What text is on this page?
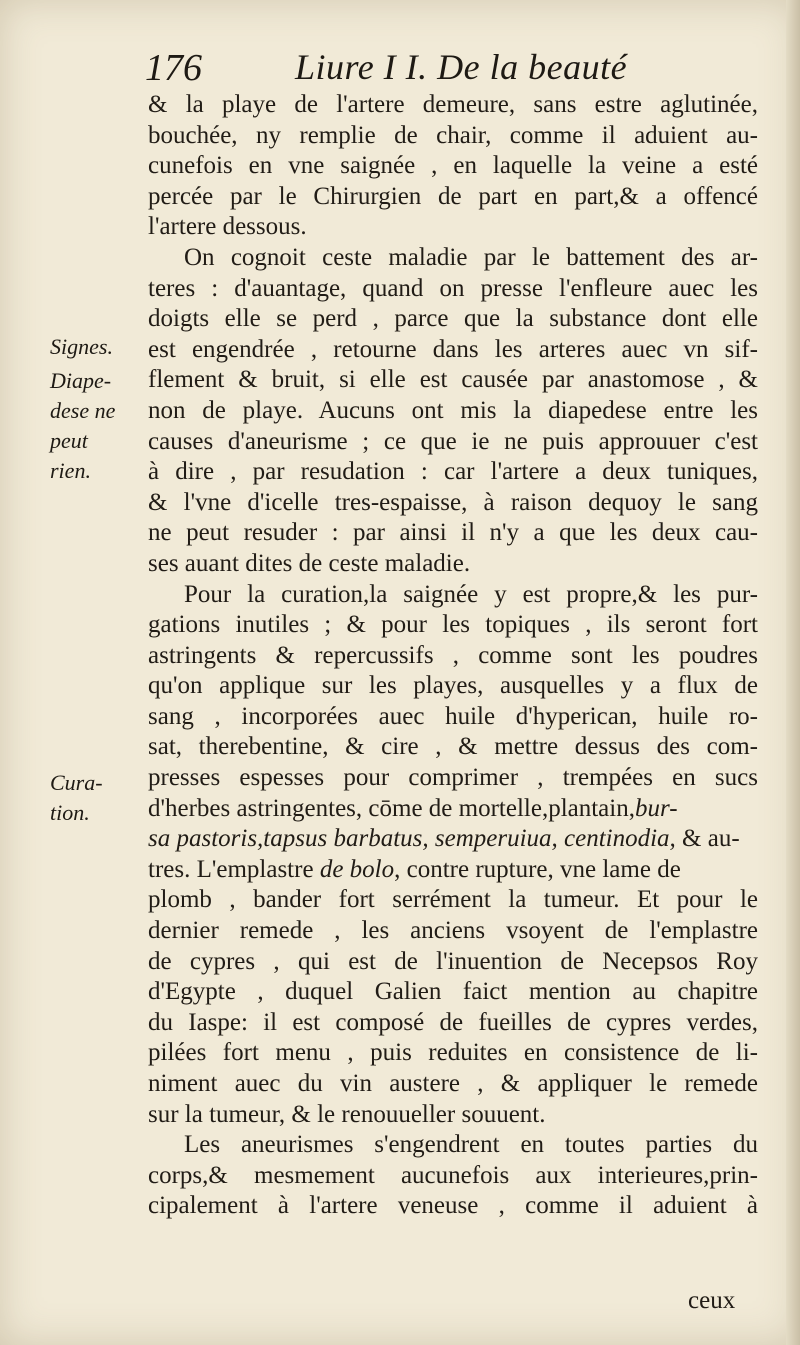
176	Liure I I. De la beauté
Signes.
Diape-
dese ne
peut
rien.
Cura-
tion.
& la playe de l'artere demeure, sans estre aglutinée,
bouchée, ny remplie de chair, comme il aduient au-
cunefois en vne saignée , en laquelle la veine a esté
percée par le Chirurgien de part en part,& a offencé
l'artere dessous.
On cognoit ceste maladie par le battement des ar-
teres : d'auantage, quand on presse l'enfleure auec les
doigts elle se perd , parce que la substance dont elle
est engendrée , retourne dans les arteres auec vn sif-
flement & bruit, si elle est causée par anastomose , &
non de playe. Aucuns ont mis la diapedese entre les
causes d'aneurisme ; ce que ie ne puis approuuer c'est
à dire , par resudation : car l'artere a deux tuniques,
& l'vne d'icelle tres-espaisse, à raison dequoy le sang
ne peut resuder : par ainsi il n'y a que les deux cau-
ses auant dites de ceste maladie.
Pour la curation,la saignée y est propre,& les pur-
gations inutiles ; & pour les topiques , ils seront fort
astringents & repercussifs , comme sont les poudres
qu'on applique sur les playes, ausquelles y a flux de
sang , incorporées auec huile d'hyperican, huile ro-
sat, therebentine, & cire , & mettre dessus des com-
presses espesses pour comprimer , trempées en sucs
d'herbes astringentes, cōme de mortelle,plantain,bur-
sa pastoris,tapsus barbatus, semperuiua, centinodia, & au-
tres. L'emplastre de bolo, contre rupture, vne lame de
plomb , bander fort serrément la tumeur. Et pour le
dernier remede , les anciens vsoyent de l'emplastre
de cypres , qui est de l'inuention de Necepsos Roy
d'Egypte , duquel Galien faict mention au chapitre
du Iaspe: il est composé de fueilles de cypres verdes,
pilées fort menu , puis reduites en consistence de li-
niment auec du vin austere , & appliquer le remede
sur la tumeur, & le renouueller souuent.
Les aneurismes s'engendrent en toutes parties du
corps,& mesmement aucunefois aux interieures,prin-
cipalement à l'artere veneuse , comme il aduient à
ceux
